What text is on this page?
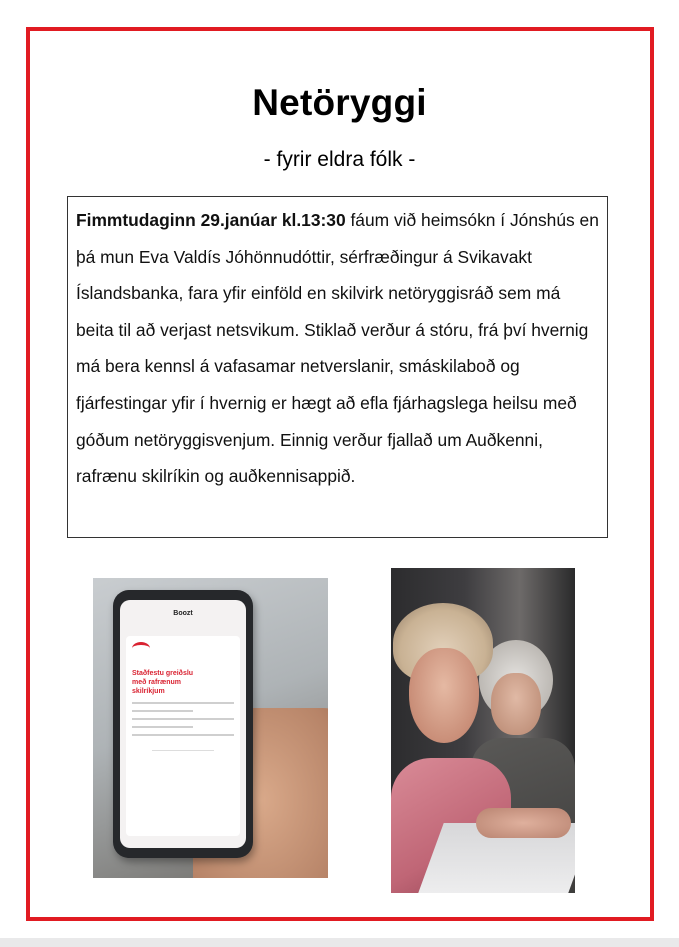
Netöryggi
- fyrir eldra fólk -
Fimmtudaginn 29.janúar kl.13:30 fáum við heimsókn í Jónshús en þá mun Eva Valdís Jóhönnudóttir, sérfræðingur á Svikavakt Íslandsbanka, fara yfir einföld en skilvirk netöryggisráð sem má beita til að verjast netsvikum. Stiklað verður á stóru, frá því hvernig má bera kennsl á vafasamar netverslanir, smáskilaboð og fjárfestingar yfir í hvernig er hægt að efla fjárhagslega heilsu með góðum netöryggisvenjum. Einnig verður fjallað um Auðkenni, rafrænu skilríkin og auðkennisappið.
Boozt
Staðfestu greiðslu með rafrænum skilríkjum
